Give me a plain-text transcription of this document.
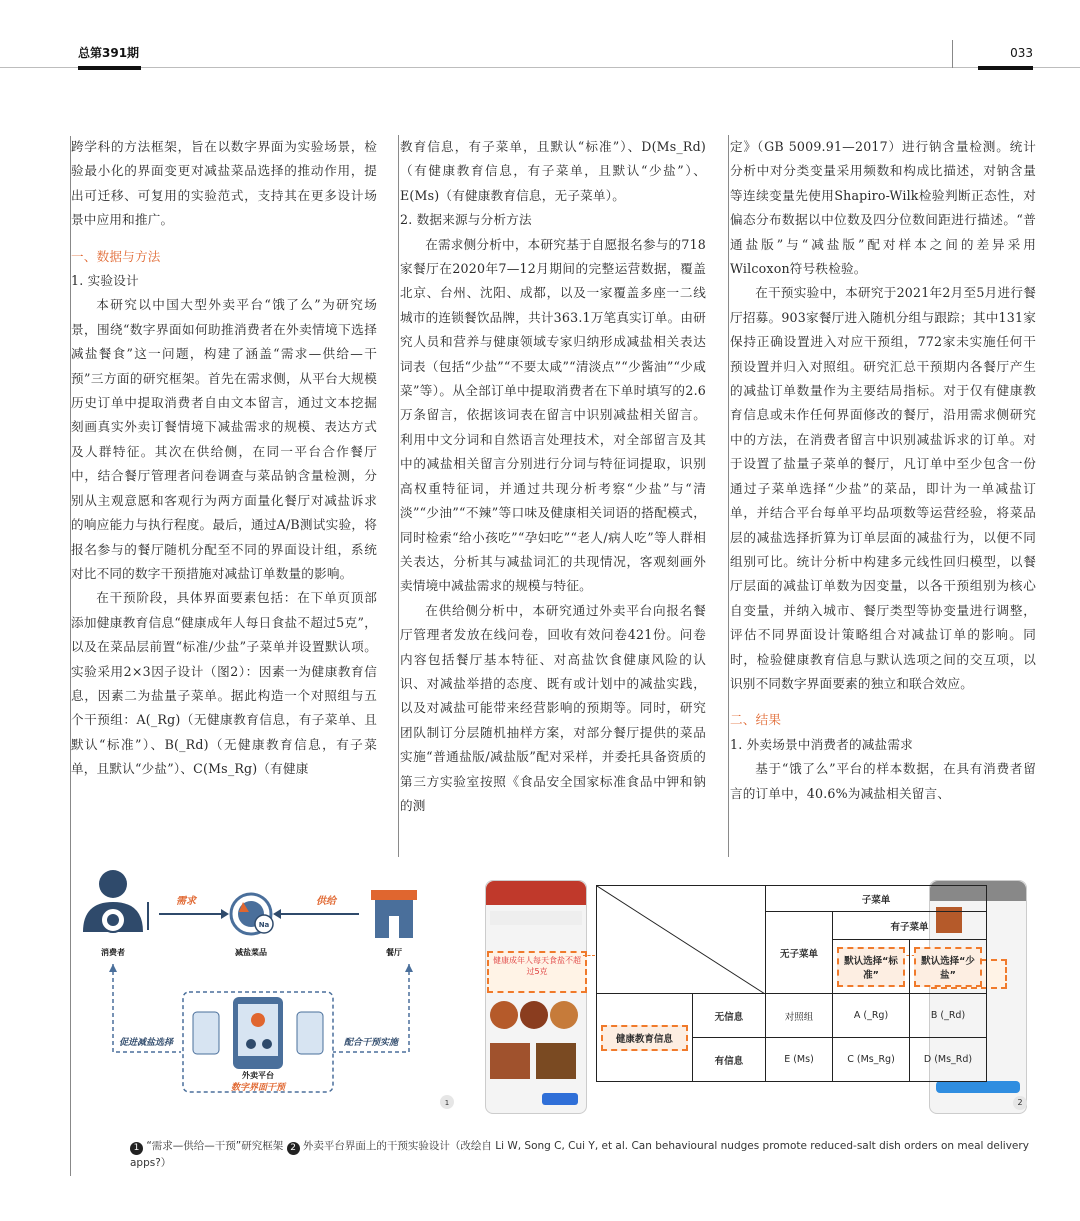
总第391期	033

跨学科的方法框架，旨在以数字界面为实验场景，检验最小化的界面变更对减盐菜品选择的推动作用，提出可迁移、可复用的实验范式，支持其在更多设计场景中应用和推广。

一、数据与方法
1. 实验设计

本研究以中国大型外卖平台“饿了么”为研究场景，围绕“数字界面如何助推消费者在外卖情境下选择减盐餐食”这一问题，构建了涵盖“需求—供给—干预”三方面的研究框架。首先在需求侧，从平台大规模历史订单中提取消费者自由文本留言，通过文本挖掘刻画真实外卖订餐情境下减盐需求的规模、表达方式及人群特征。其次在供给侧，在同一平台合作餐厅中，结合餐厅管理者问卷调查与菜品钠含量检测，分别从主观意愿和客观行为两方面量化餐厅对减盐诉求的响应能力与执行程度。最后，通过A/B测试实验，将报名参与的餐厅随机分配至不同的界面设计组，系统对比不同的数字干预措施对减盐订单数量的影响。

在干预阶段，具体界面要素包括：在下单页顶部添加健康教育信息“健康成年人每日食盐不超过5克”，以及在菜品层前置“标准/少盐”子菜单并设置默认项。实验采用2×3因子设计（图2）：因素一为健康教育信息，因素二为盐量子菜单。据此构造一个对照组与五个干预组：A(_Rg)（无健康教育信息，有子菜单、且默认“标准”）、B(_Rd)（无健康教育信息，有子菜单，且默认“少盐”）、C(Ms_Rg)（有健康

教育信息，有子菜单，且默认“标准”）、D(Ms_Rd)（有健康教育信息，有子菜单，且默认“少盐”）、E(Ms)（有健康教育信息，无子菜单）。

2. 数据来源与分析方法

在需求侧分析中，本研究基于自愿报名参与的718家餐厅在2020年7—12月期间的完整运营数据，覆盖北京、台州、沈阳、成都，以及一家覆盖多座一二线城市的连锁餐饮品牌，共计363.1万笔真实订单。由研究人员和营养与健康领域专家归纳形成减盐相关表达词表（包括“少盐”“不要太咸”“清淡点”“少酱油”“少咸菜”等）。从全部订单中提取消费者在下单时填写的2.6万条留言，依据该词表在留言中识别减盐相关留言。利用中文分词和自然语言处理技术，对全部留言及其中的减盐相关留言分别进行分词与特征词提取，识别高权重特征词，并通过共现分析考察“少盐”与“清淡”“少油”“不辣”等口味及健康相关词语的搭配模式，同时检索“给小孩吃”“孕妇吃”“老人/病人吃”等人群相关表达，分析其与减盐词汇的共现情况，客观刻画外卖情境中减盐需求的规模与特征。

在供给侧分析中，本研究通过外卖平台向报名餐厅管理者发放在线问卷，回收有效问卷421份。问卷内容包括餐厅基本特征、对高盐饮食健康风险的认识、对减盐举措的态度、既有或计划中的减盐实践，以及对减盐可能带来经营影响的预期等。同时，研究团队制订分层随机抽样方案，对部分餐厅提供的菜品实施“普通盐版/减盐版”配对采样，并委托具备资质的第三方实验室按照《食品安全国家标准食品中钾和钠的测

定》（GB 5009.91—2017）进行钠含量检测。统计分析中对分类变量采用频数和构成比描述，对钠含量等连续变量先使用Shapiro-Wilk检验判断正态性，对偏态分布数据以中位数及四分位数间距进行描述。“普通盐版”与“减盐版”配对样本之间的差异采用Wilcoxon符号秩检验。

在干预实验中，本研究于2021年2月至5月进行餐厅招募。903家餐厅进入随机分组与跟踪；其中131家保持正确设置进入对应干预组，772家未实施任何干预设置并归入对照组。研究汇总干预期内各餐厅产生的减盐订单数量作为主要结局指标。对于仅有健康教育信息或未作任何界面修改的餐厅，沿用需求侧研究中的方法，在消费者留言中识别减盐诉求的订单。对于设置了盐量子菜单的餐厅，凡订单中至少包含一份通过子菜单选择“少盐”的菜品，即计为一单减盐订单，并结合平台每单平均品项数等运营经验，将菜品层的减盐选择折算为订单层面的减盐行为，以便不同组别可比。统计分析中构建多元线性回归模型，以餐厅层面的减盐订单数为因变量，以各干预组别为核心自变量，并纳入城市、餐厅类型等协变量进行调整，评估不同界面设计策略组合对减盐订单的影响。同时，检验健康教育信息与默认选项之间的交互项，以识别不同数字界面要素的独立和联合效应。

二、结果
1. 外卖场景中消费者的减盐需求

基于“饿了么”平台的样本数据，在具有消费者留言的订单中，40.6%为减盐相关留言、

消费者
Na
减盐菜品	餐厅
需求	供给
促进减盐选择	配合干预实施
外卖平台
数字界面干预
1
健康成年人每天食盐不超过5克
2
	子菜单		
		无子菜单	有子菜单	

			默认选择“标准”	默认选择“少盐”

健康教育信息	无信息	对照组	A (_Rg)	B (_Rd)
	有信息	E (Ms)	C (Ms_Rg)	D (Ms_Rd)
1 “需求—供给—干预”研究框架 2 外卖平台界面上的干预实验设计（改绘自 Li W, Song C, Cui Y, et al. Can behavioural nudges promote reduced-salt dish orders on meal delivery apps?）
